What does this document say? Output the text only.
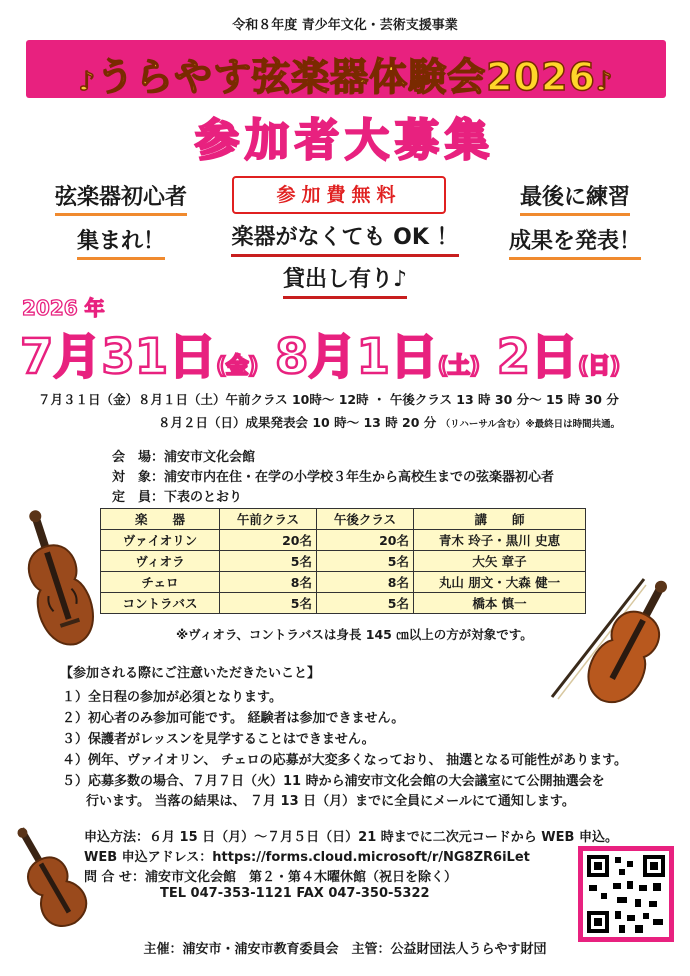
令和８年度 青少年文化・芸術支援事業
♪うらやす弦楽器体験会2026♪
参加者大募集
弦楽器初心者
集まれ！
参加費無料
楽器がなくても OK ！
貸出し有り♪
最後に練習
成果を発表！
2026 年
7月31日(金) 8月1日(土) 2日(日)
７月３１日（金）８月１日（土）午前クラス 10時～ 12時 ・ 午後クラス 13 時 30 分～ 15 時 30 分
８月２日（日）成果発表会 10 時～ 13 時 20 分 （リハーサル含む）※最終日は時間共通。
会　場：浦安市文化会館
対　象：浦安市内在住・在学の小学校３年生から高校生までの弦楽器初心者
定　員：下表のとおり
楽　　器	午前クラス	午後クラス	講　　師
ヴァイオリン	20名	20名	青木 玲子・黒川 史恵
ヴィオラ	5名	5名	大矢 章子
チェロ	8名	8名	丸山 朋文・大森 健一
コントラバス	5名	5名	橋本 慎一
※ヴィオラ、コントラバスは身長 145 ㎝以上の方が対象です。
【参加される際にご注意いただきたいこと】
１）全日程の参加が必須となります。
２）初心者のみ参加可能です。 経験者は参加できません。
３）保護者がレッスンを見学することはできません。
４）例年、ヴァイオリン、 チェロの応募が大変多くなっており、 抽選となる可能性があります。
５）応募多数の場合、７月７日（火）11 時から浦安市文化会館の大会議室にて公開抽選会を
行います。 当落の結果は、 ７月 13 日（月）までに全員にメールにて通知します。
申込方法：６月 15 日（月）～７月５日（日）21 時までに二次元コードから WEB 申込。
WEB 申込アドレス：https://forms.cloud.microsoft/r/NG8ZR6iLet
問 合 せ：浦安市文化会館　第２・第４木曜休館（祝日を除く）
TEL 047-353-1121 FAX 047-350-5322
主催：浦安市・浦安市教育委員会　主管：公益財団法人うらやす財団
